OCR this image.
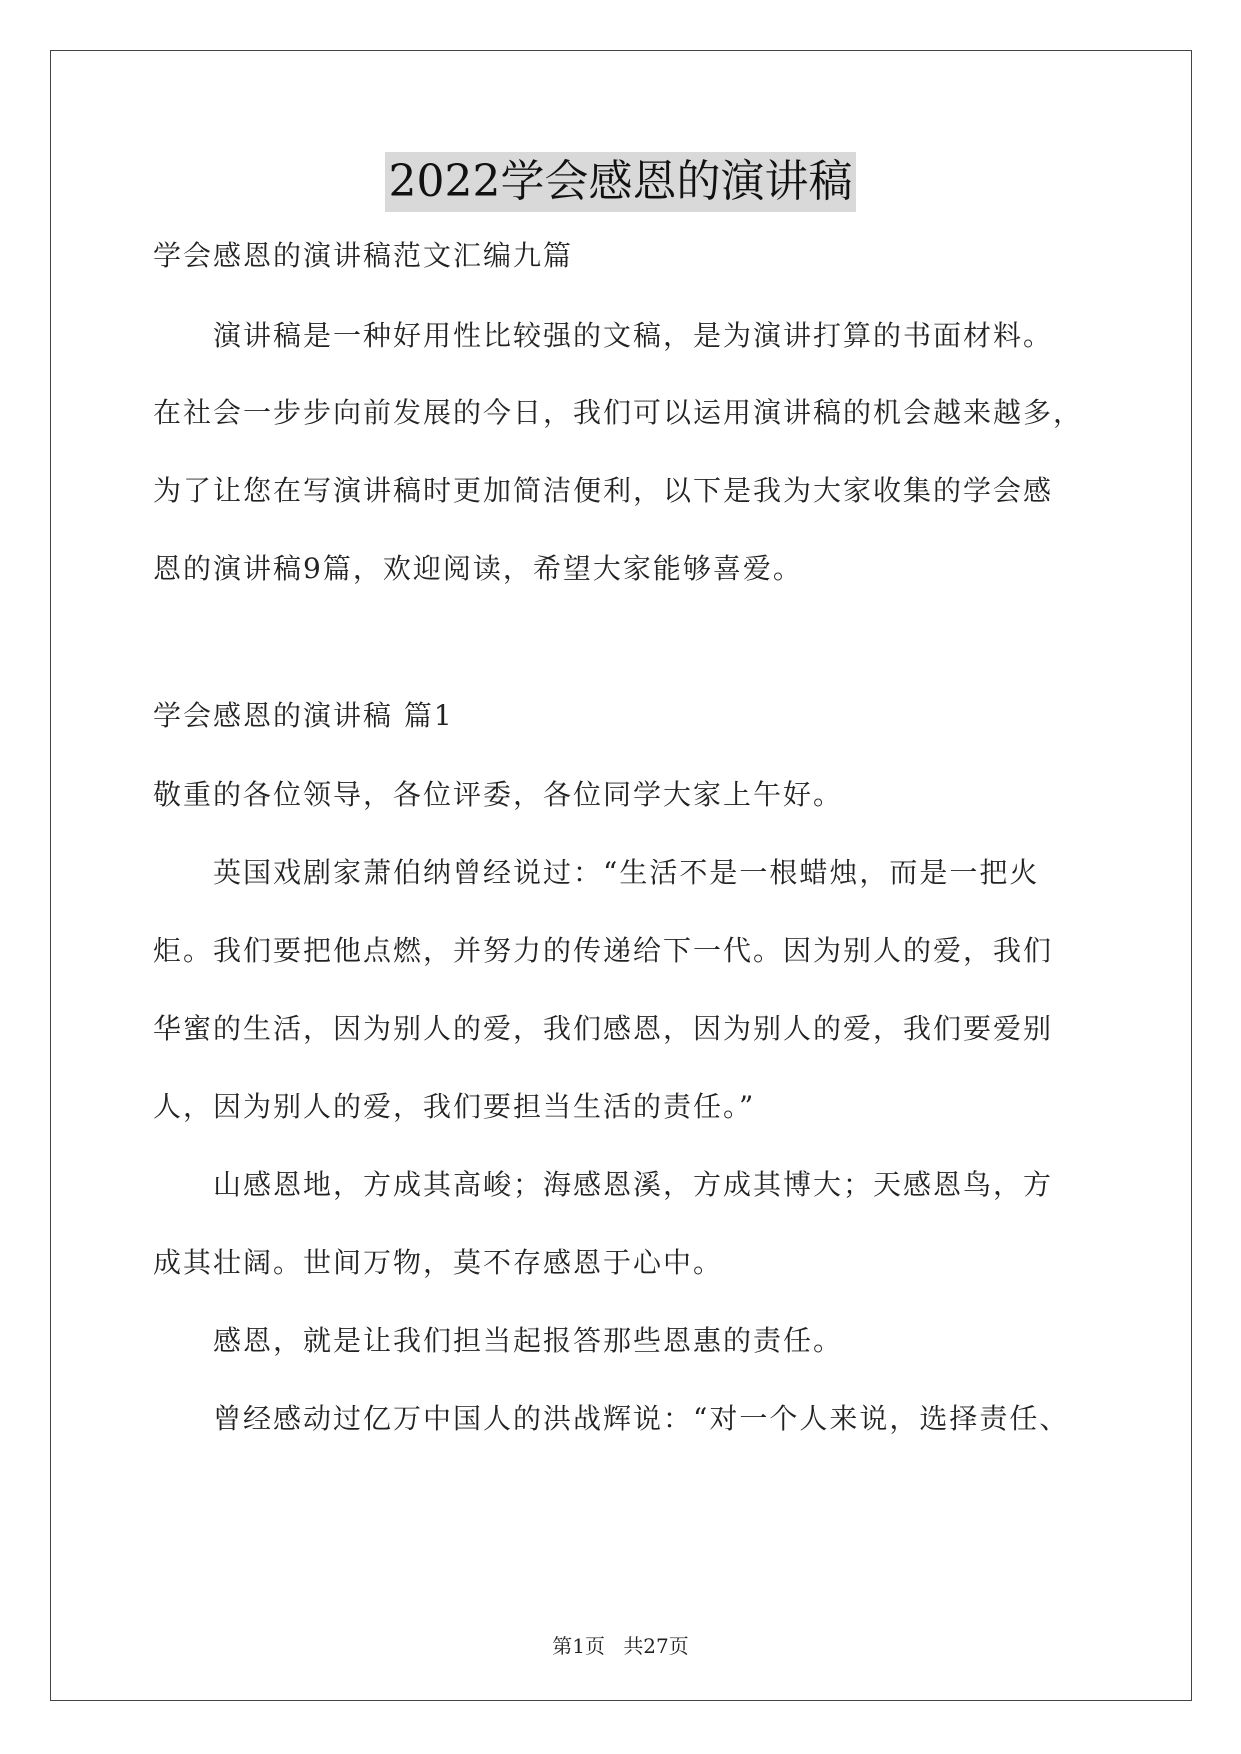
2022学会感恩的演讲稿

学会感恩的演讲稿范文汇编九篇

　　演讲稿是一种好用性比较强的文稿，是为演讲打算的书面材料。

在社会一步步向前发展的今日，我们可以运用演讲稿的机会越来越多，

为了让您在写演讲稿时更加简洁便利，以下是我为大家收集的学会感

恩的演讲稿9篇，欢迎阅读，希望大家能够喜爱。

学会感恩的演讲稿 篇1

敬重的各位领导，各位评委，各位同学大家上午好。

　　英国戏剧家萧伯纳曾经说过：“生活不是一根蜡烛，而是一把火

炬。我们要把他点燃，并努力的传递给下一代。因为别人的爱，我们

华蜜的生活，因为别人的爱，我们感恩，因为别人的爱，我们要爱别

人，因为别人的爱，我们要担当生活的责任。”

　　山感恩地，方成其高峻；海感恩溪，方成其博大；天感恩鸟，方

成其壮阔。世间万物，莫不存感恩于心中。

　　感恩，就是让我们担当起报答那些恩惠的责任。

　　曾经感动过亿万中国人的洪战辉说：“对一个人来说，选择责任、

第1页 共27页
